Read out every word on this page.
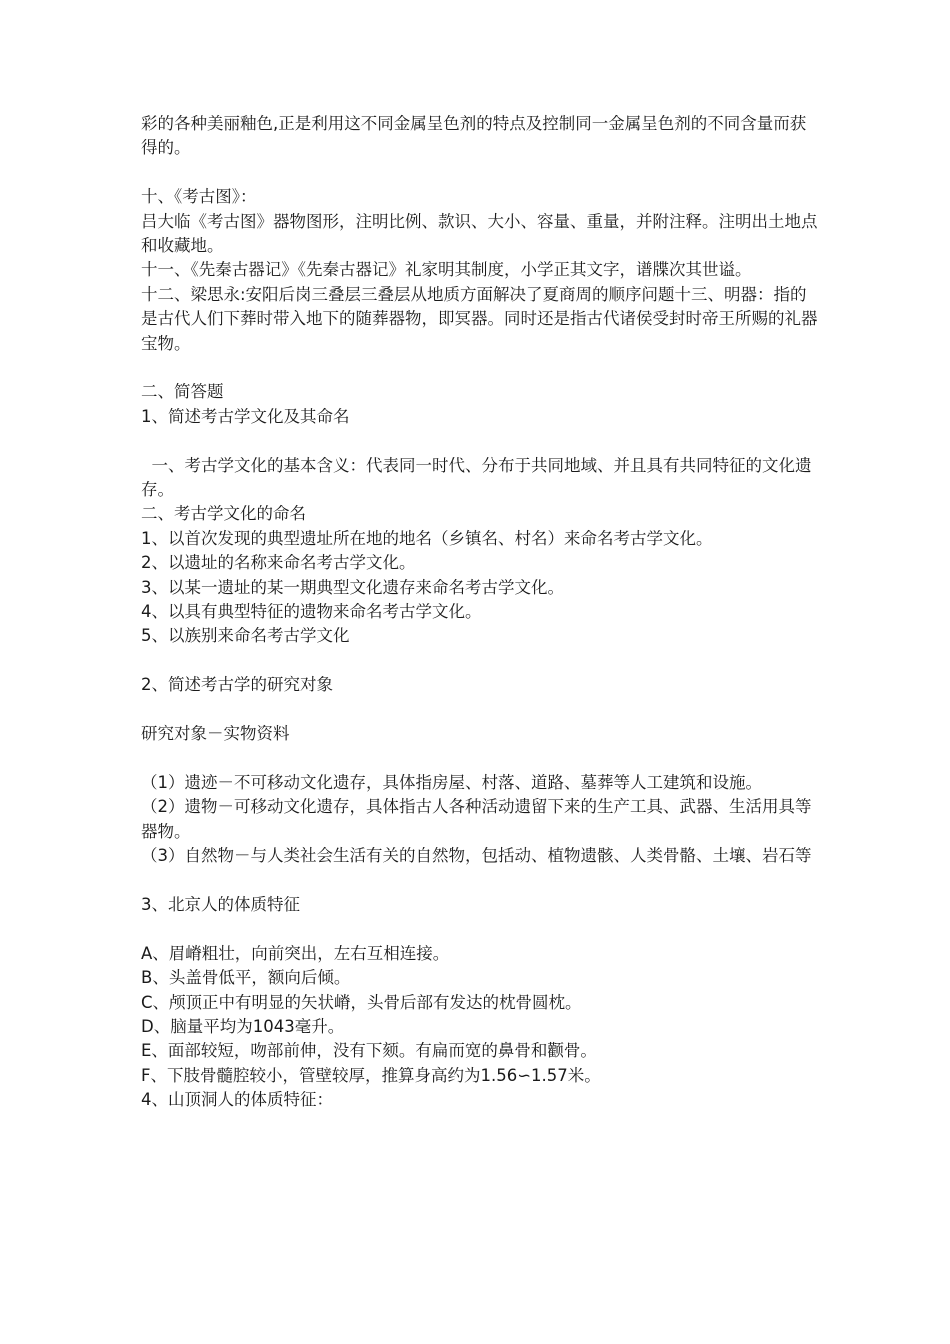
彩的各种美丽釉色,正是利用这不同金属呈色剂的特点及控制同一金属呈色剂的不同含量而获得的。

十、《考古图》：

吕大临《考古图》器物图形，注明比例、款识、大小、容量、重量，并附注释。注明出土地点和收藏地。

十一、《先秦古器记》《先秦古器记》礼家明其制度，小学正其文字，谱牒次其世谥。

十二、梁思永:安阳后岗三叠层三叠层从地质方面解决了夏商周的顺序问题十三、明器：指的是古代人们下葬时带入地下的随葬器物，即冥器。同时还是指古代诸侯受封时帝王所赐的礼器宝物。

二、简答题

1、简述考古学文化及其命名

一、考古学文化的基本含义：代表同一时代、分布于共同地域、并且具有共同特征的文化遗存。

二、考古学文化的命名

1、以首次发现的典型遗址所在地的地名（乡镇名、村名）来命名考古学文化。

2、以遗址的名称来命名考古学文化。

3、以某一遗址的某一期典型文化遗存来命名考古学文化。

4、以具有典型特征的遗物来命名考古学文化。

5、以族别来命名考古学文化

2、简述考古学的研究对象

研究对象－实物资料

（1）遗迹－不可移动文化遗存，具体指房屋、村落、道路、墓葬等人工建筑和设施。

（2）遗物－可移动文化遗存，具体指古人各种活动遗留下来的生产工具、武器、生活用具等器物。

（3）自然物－与人类社会生活有关的自然物，包括动、植物遗骸、人类骨骼、土壤、岩石等

3、北京人的体质特征

A、眉嵴粗壮，向前突出，左右互相连接。

B、头盖骨低平，额向后倾。

C、颅顶正中有明显的矢状嵴，头骨后部有发达的枕骨圆枕。

D、脑量平均为1043毫升。

E、面部较短，吻部前伸，没有下颏。有扁而宽的鼻骨和颧骨。

F、下肢骨髓腔较小，管壁较厚，推算身高约为1.56∽1.57米。

4、山顶洞人的体质特征：
